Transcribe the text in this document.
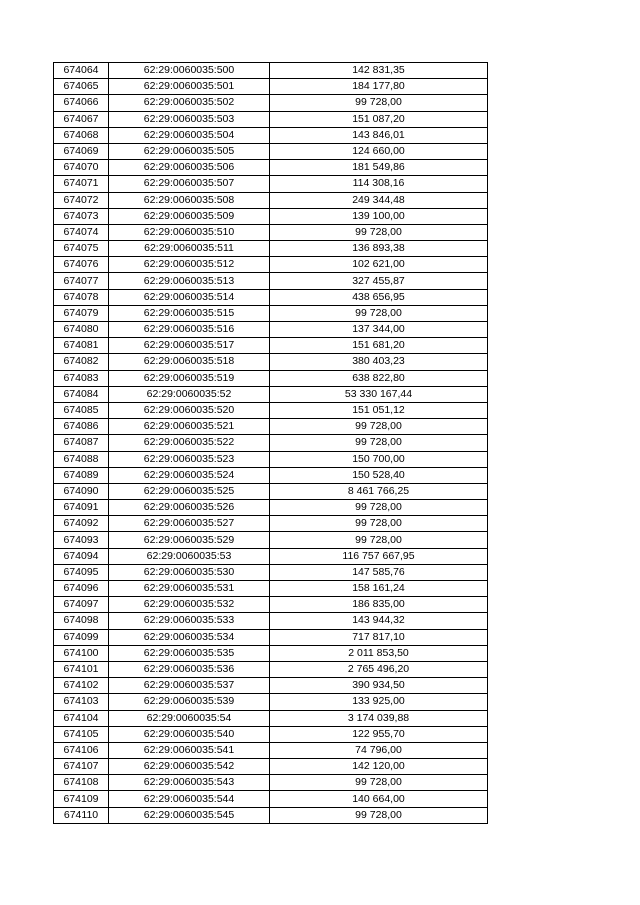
674064	62:29:0060035:500	142 831,35
674065	62:29:0060035:501	184 177,80
674066	62:29:0060035:502	99 728,00
674067	62:29:0060035:503	151 087,20
674068	62:29:0060035:504	143 846,01
674069	62:29:0060035:505	124 660,00
674070	62:29:0060035:506	181 549,86
674071	62:29:0060035:507	114 308,16
674072	62:29:0060035:508	249 344,48
674073	62:29:0060035:509	139 100,00
674074	62:29:0060035:510	99 728,00
674075	62:29:0060035:511	136 893,38
674076	62:29:0060035:512	102 621,00
674077	62:29:0060035:513	327 455,87
674078	62:29:0060035:514	438 656,95
674079	62:29:0060035:515	99 728,00
674080	62:29:0060035:516	137 344,00
674081	62:29:0060035:517	151 681,20
674082	62:29:0060035:518	380 403,23
674083	62:29:0060035:519	638 822,80
674084	62:29:0060035:52	53 330 167,44
674085	62:29:0060035:520	151 051,12
674086	62:29:0060035:521	99 728,00
674087	62:29:0060035:522	99 728,00
674088	62:29:0060035:523	150 700,00
674089	62:29:0060035:524	150 528,40
674090	62:29:0060035:525	8 461 766,25
674091	62:29:0060035:526	99 728,00
674092	62:29:0060035:527	99 728,00
674093	62:29:0060035:529	99 728,00
674094	62:29:0060035:53	116 757 667,95
674095	62:29:0060035:530	147 585,76
674096	62:29:0060035:531	158 161,24
674097	62:29:0060035:532	186 835,00
674098	62:29:0060035:533	143 944,32
674099	62:29:0060035:534	717 817,10
674100	62:29:0060035:535	2 011 853,50
674101	62:29:0060035:536	2 765 496,20
674102	62:29:0060035:537	390 934,50
674103	62:29:0060035:539	133 925,00
674104	62:29:0060035:54	3 174 039,88
674105	62:29:0060035:540	122 955,70
674106	62:29:0060035:541	74 796,00
674107	62:29:0060035:542	142 120,00
674108	62:29:0060035:543	99 728,00
674109	62:29:0060035:544	140 664,00
674110	62:29:0060035:545	99 728,00
